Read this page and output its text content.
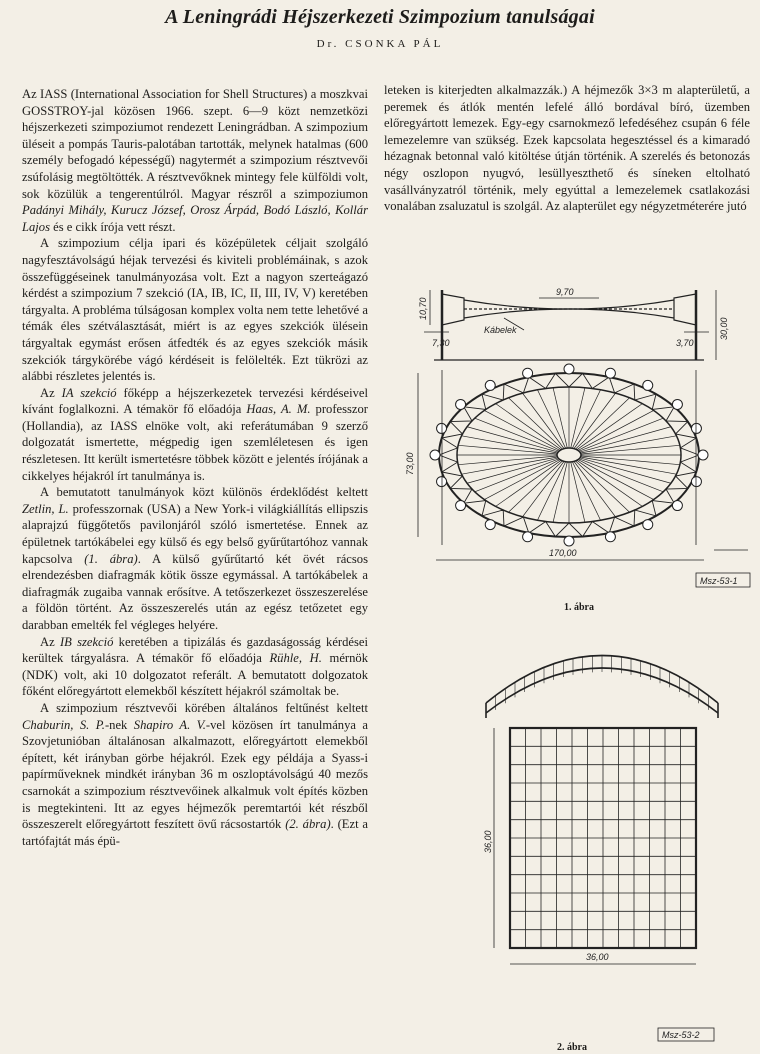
A Leningrádi Héjszerkezeti Szimpozium tanulságai
Dr. CSONKA PÁL

Az IASS (International Association for Shell Structures) a moszkvai GOSSTROY-jal közösen 1966. szept. 6—9 közt nemzetközi héjszerkezeti szimpoziumot rendezett Leningrádban. A szimpozium üléseit a pompás Tauris-palotában tartották, melynek hatalmas (600 személy befogadó képességű) nagytermét a szimpozium résztvevői zsúfolásig megtöltötték. A résztvevőknek mintegy fele külföldi volt, sok közülük a tengerentúlról. Magyar részről a szimpoziumon Padányi Mihály, Kurucz József, Orosz Árpád, Bodó László, Kollár Lajos és e cikk írója vett részt.

A szimpozium célja ipari és középületek céljait szolgáló nagyfesztávolságú héjak tervezési és kiviteli problémáinak, s azok összefüggéseinek tanulmányozása volt. Ezt a nagyon szerteágazó kérdést a szimpozium 7 szekció (IA, IB, IC, II, III, IV, V) keretében tárgyalta. A probléma túlságosan komplex volta nem tette lehetővé a témák éles szétválasztását, miért is az egyes szekciók ülésein tárgyaltak egymást erősen átfedték és az egyes szekciók másik szekciók tárgykörébe vágó kérdéseit is felölelték. Ezt tükrözi az alábbi részletes jelentés is.

Az IA szekció főképp a héjszerkezetek tervezési kérdéseivel kívánt foglalkozni. A témakör fő előadója Haas, A. M. professzor (Hollandia), az IASS elnöke volt, aki referátumában 9 szerző dolgozatát ismertette, mégpedig igen szemléletesen és igen részletesen. Itt került ismertetésre többek között e jelentés írójának a cikkelyes héjakról írt tanulmánya is.

A bemutatott tanulmányok közt különös érdeklődést keltett Zetlin, L. professzornak (USA) a New York-i világkiállítás ellipszis alaprajzú függőtetős pavilonjáról szóló ismertetése. Ennek az épületnek tartókábelei egy külső és egy belső gyűrűtartóhoz vannak kapcsolva (1. ábra). A külső gyűrűtartó két övét rácsos elrendezésben diafragmák kötik össze egymással. A tartókábelek a diafragmák zugaiba vannak erősítve. A tetőszerkezet összeszerelése a földön történt. Az összeszerelés után az egész tetőzetet egy darabban emelték fel végleges helyére.

Az IB szekció keretében a tipizálás és gazdaságosság kérdései kerültek tárgyalásra. A témakör fő előadója Rühle, H. mérnök (NDK) volt, aki 10 dolgozatot referált. A bemutatott dolgozatok főként előregyártott elemekből készített héjakról számoltak be.

A szimpozium résztvevői körében általános feltűnést keltett Chaburin, S. P.-nek Shapiro A. V.-vel közösen írt tanulmánya a Szovjetunióban általánosan alkalmazott, előregyártott elemekből épített, két irányban görbe héjakról. Ezek egy példája a Syass-i papírműveknek mindkét irányban 36 m oszloptávolságú 40 mezős csarnokát a szimpozium résztvevőinek alkalmuk volt építés közben is megtekinteni. Itt az egyes héjmezők peremtartói két részből összeszerelt előregyártott feszített övű rácsostartók (2. ábra). (Ezt a tartófajtát más épü-

leteken is kiterjedten alkalmazzák.) A héjmezők 3×3 m alapterületű, a peremek és átlók mentén lefelé álló bordával bíró, üzemben előregyártott lemezek. Egy-egy csarnokmező lefedéséhez csupán 6 féle lemezelemre van szükség. Ezek kapcsolata hegesztéssel és a kimaradó hézagnak betonnal való kitöltése útján történik. A szerelés és betonozás négy oszlopon nyugvó, lesüllyeszthető és síneken eltolható vasállványzatról történik, mely egyúttal a lemezelemek csatlakozási vonalában zsaluzatul is szolgál. Az alapterület egy négyzetméterére jutó

10,70
9,70
Kábelek
7,30	3,70
30,00
73,00
170,00
Msz-53-1
1. ábra
36,00
36,00
Msz-53-2
2. ábra
